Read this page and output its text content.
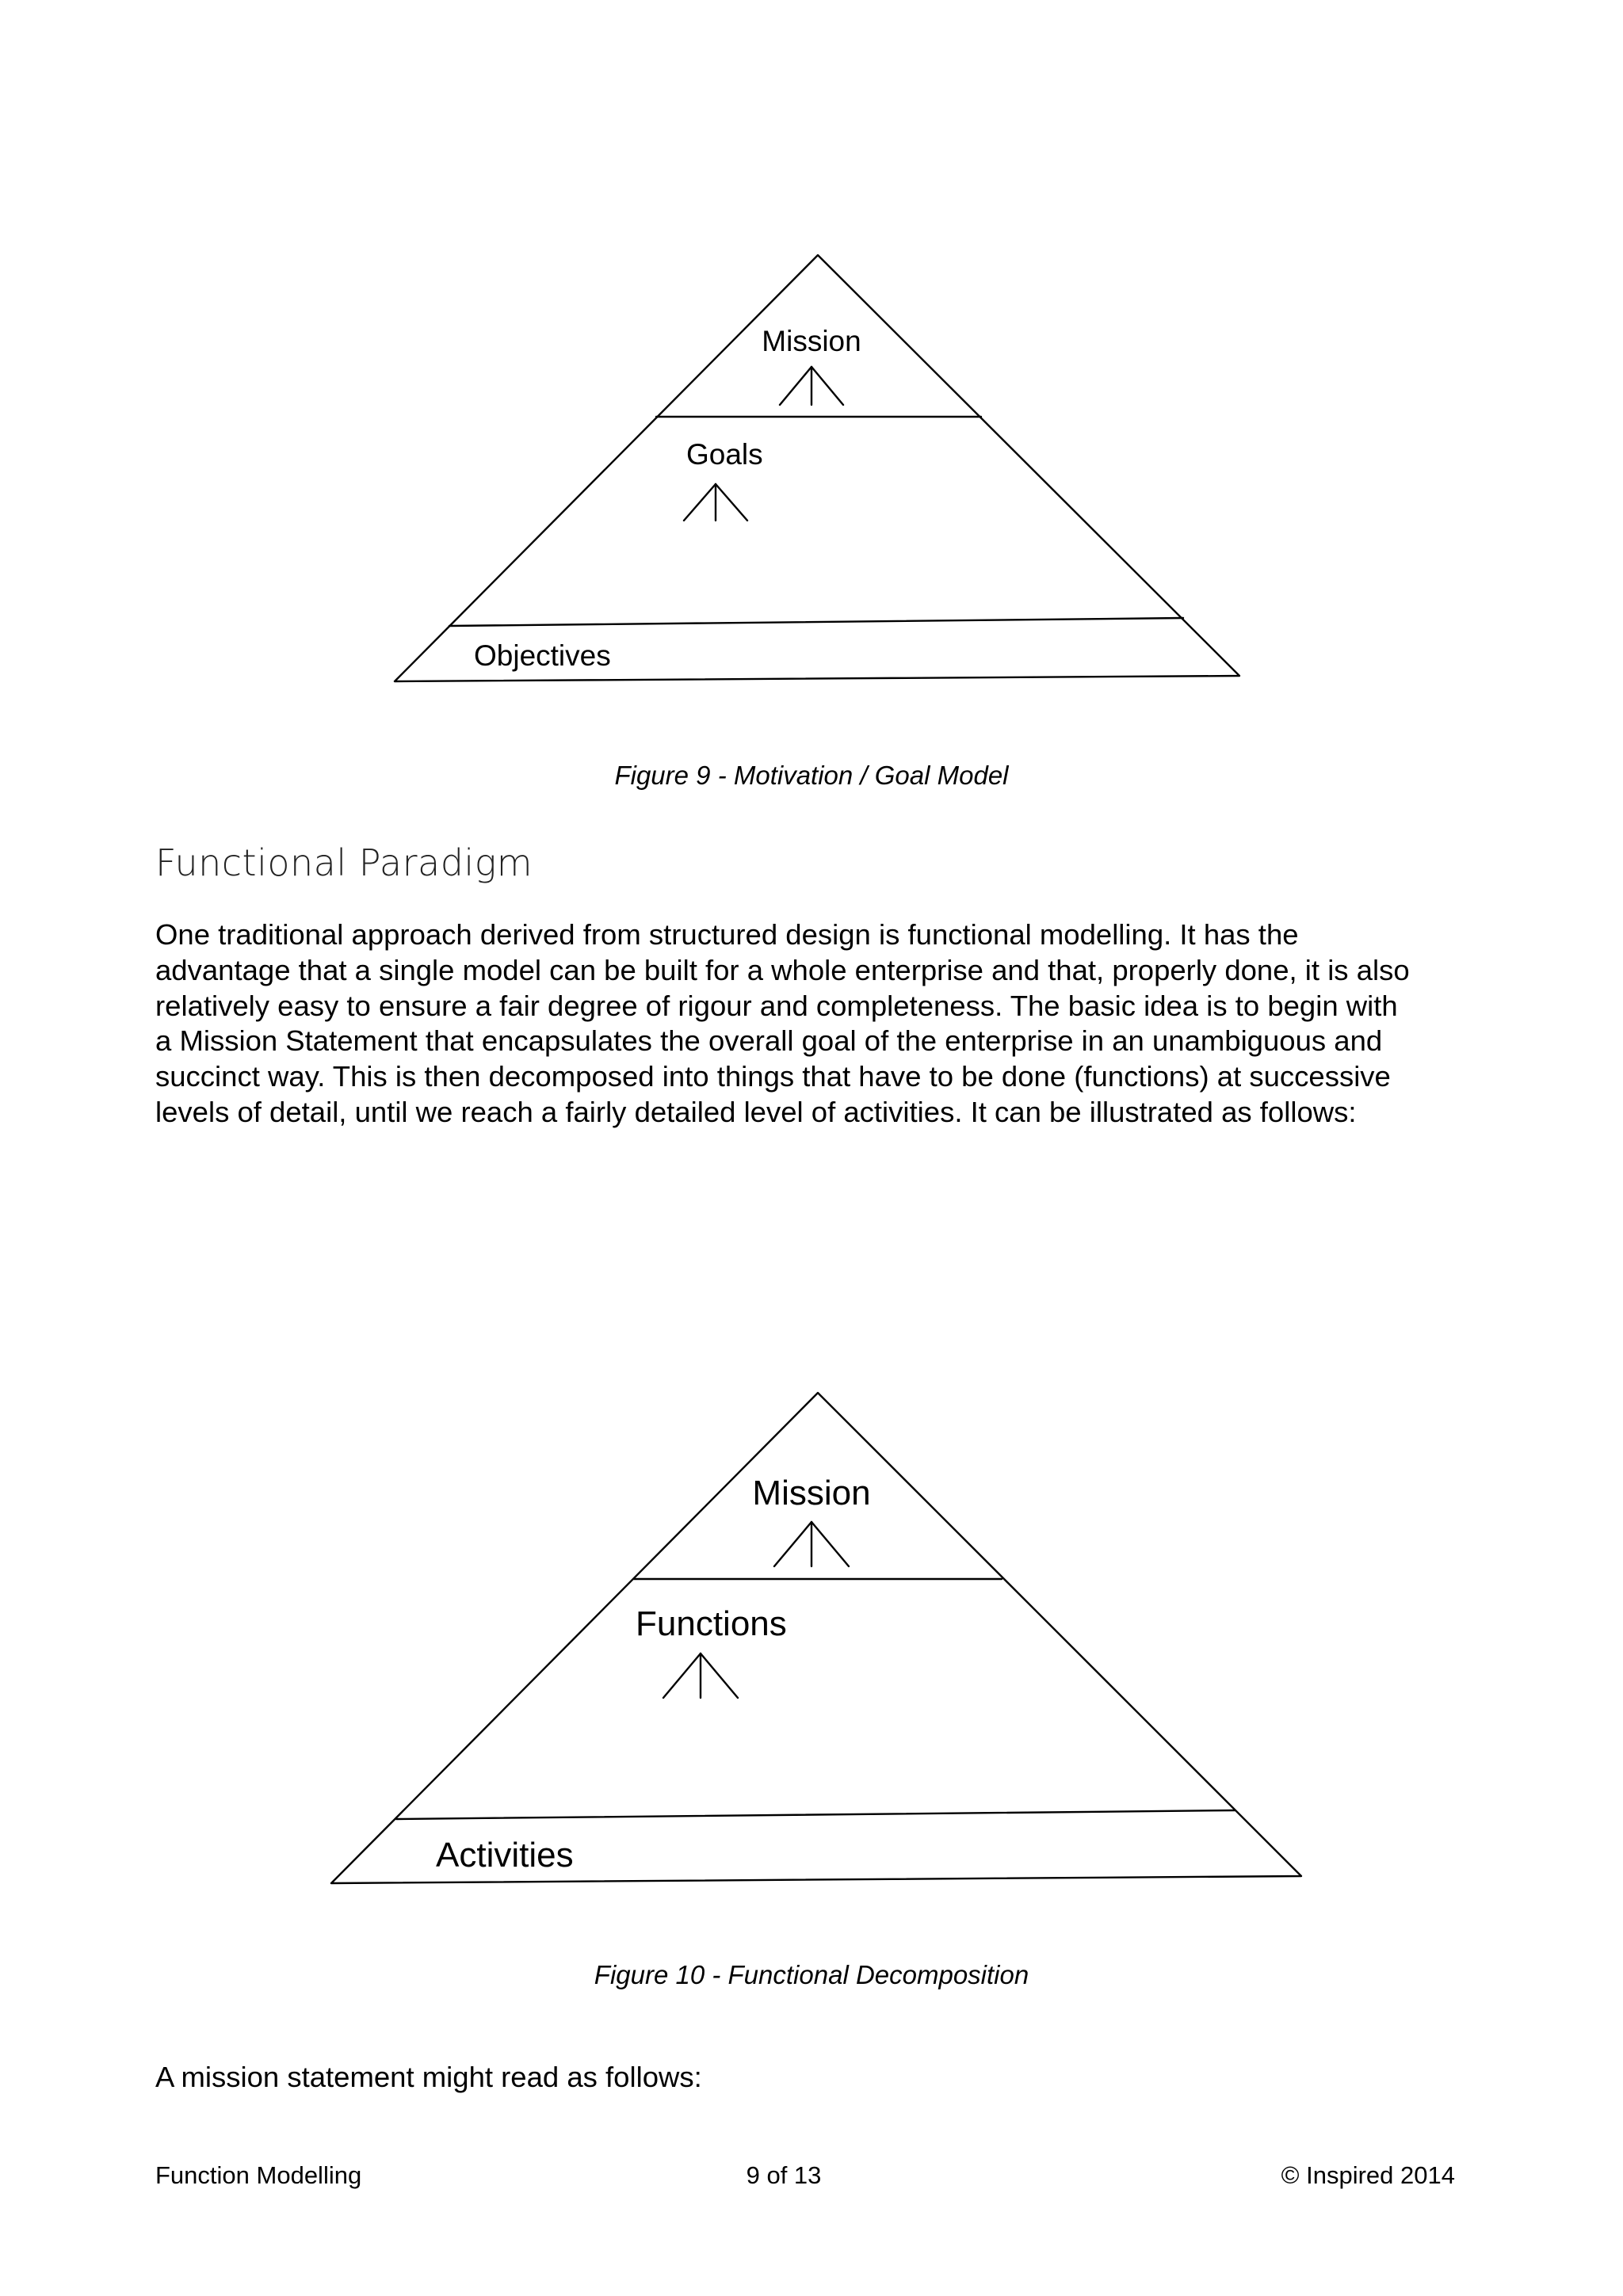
Mission
Goals
Objectives
Figure 9 - Motivation / Goal Model
Functional Paradigm
One traditional approach derived from structured design is functional modelling. It has the
advantage that a single model can be built for a whole enterprise and that, properly done, it is also
relatively easy to ensure a fair degree of rigour and completeness. The basic idea is to begin with
a Mission Statement that encapsulates the overall goal of the enterprise in an unambiguous and
succinct way. This is then decomposed into things that have to be done (functions) at successive
levels of detail, until we reach a fairly detailed level of activities. It can be illustrated as follows:
Mission
Functions
Activities
Figure 10 - Functional Decomposition
A mission statement might read as follows:
Function Modelling	9 of 13	© Inspired 2014
